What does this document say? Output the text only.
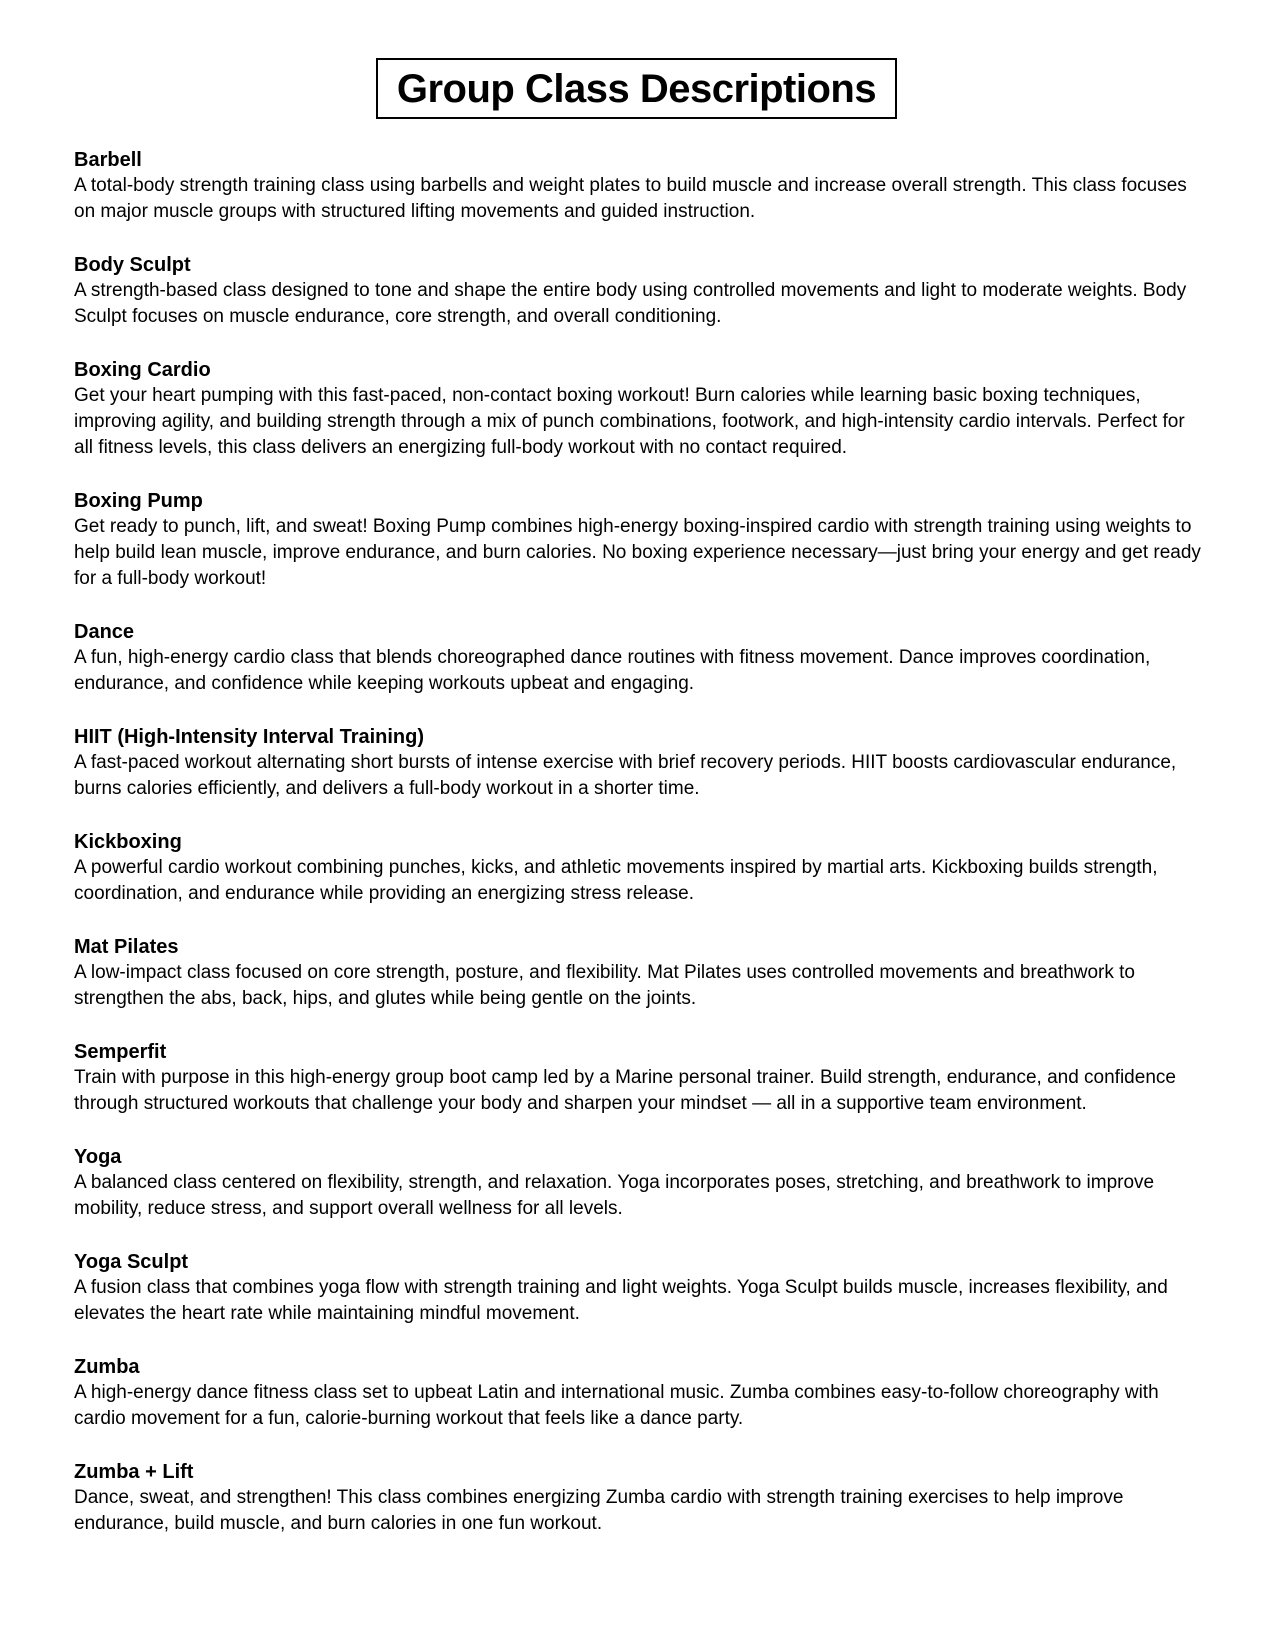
Group Class Descriptions
Barbell
A total-body strength training class using barbells and weight plates to build muscle and increase overall strength. This class focuses on major muscle groups with structured lifting movements and guided instruction.
Body Sculpt
A strength-based class designed to tone and shape the entire body using controlled movements and light to moderate weights. Body Sculpt focuses on muscle endurance, core strength, and overall conditioning.
Boxing Cardio
Get your heart pumping with this fast-paced, non-contact boxing workout! Burn calories while learning basic boxing techniques, improving agility, and building strength through a mix of punch combinations, footwork, and high-intensity cardio intervals. Perfect for all fitness levels, this class delivers an energizing full-body workout with no contact required.
Boxing Pump
Get ready to punch, lift, and sweat! Boxing Pump combines high-energy boxing-inspired cardio with strength training using weights to help build lean muscle, improve endurance, and burn calories. No boxing experience necessary—just bring your energy and get ready for a full-body workout!
Dance
A fun, high-energy cardio class that blends choreographed dance routines with fitness movement. Dance improves coordination, endurance, and confidence while keeping workouts upbeat and engaging.
HIIT (High-Intensity Interval Training)
A fast-paced workout alternating short bursts of intense exercise with brief recovery periods. HIIT boosts cardiovascular endurance, burns calories efficiently, and delivers a full-body workout in a shorter time.
Kickboxing
A powerful cardio workout combining punches, kicks, and athletic movements inspired by martial arts. Kickboxing builds strength, coordination, and endurance while providing an energizing stress release.
Mat Pilates
A low-impact class focused on core strength, posture, and flexibility. Mat Pilates uses controlled movements and breathwork to strengthen the abs, back, hips, and glutes while being gentle on the joints.
Semperfit
Train with purpose in this high-energy group boot camp led by a Marine personal trainer. Build strength, endurance, and confidence through structured workouts that challenge your body and sharpen your mindset — all in a supportive team environment.
Yoga
A balanced class centered on flexibility, strength, and relaxation. Yoga incorporates poses, stretching, and breathwork to improve mobility, reduce stress, and support overall wellness for all levels.
Yoga Sculpt
A fusion class that combines yoga flow with strength training and light weights. Yoga Sculpt builds muscle, increases flexibility, and elevates the heart rate while maintaining mindful movement.
Zumba
A high-energy dance fitness class set to upbeat Latin and international music. Zumba combines easy-to-follow choreography with cardio movement for a fun, calorie-burning workout that feels like a dance party.
Zumba + Lift
Dance, sweat, and strengthen! This class combines energizing Zumba cardio with strength training exercises to help improve endurance, build muscle, and burn calories in one fun workout.
